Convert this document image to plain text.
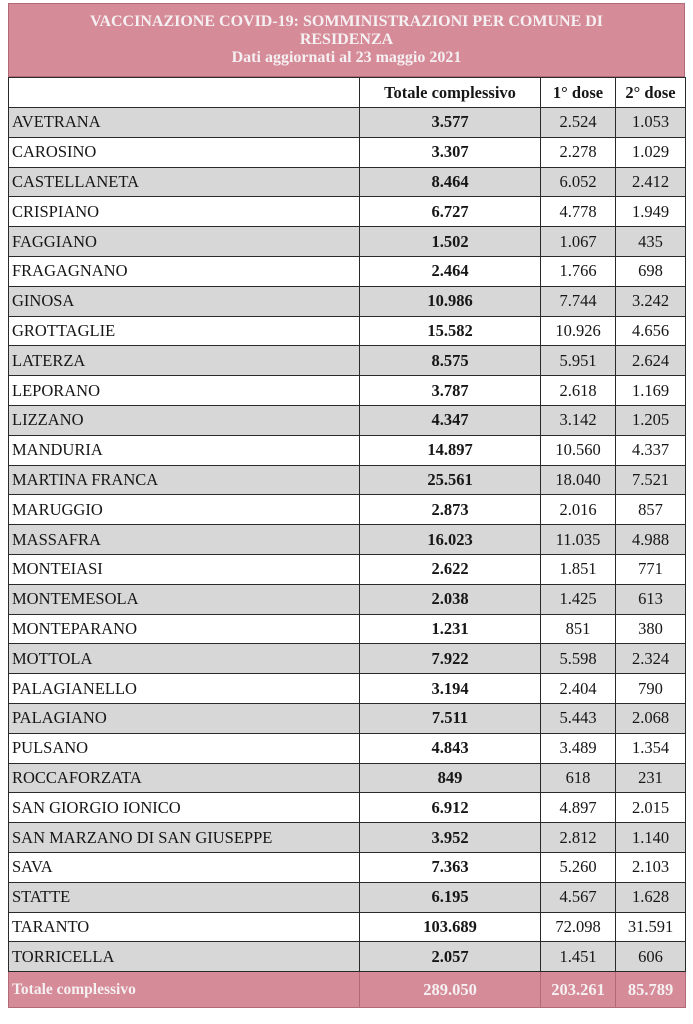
VACCINAZIONE COVID-19: SOMMINISTRAZIONI PER COMUNE DI
RESIDENZA
Dati aggiornati al 23 maggio 2021
	Totale complessivo	1° dose	2° dose
AVETRANA	3.577	2.524	1.053
CAROSINO	3.307	2.278	1.029
CASTELLANETA	8.464	6.052	2.412
CRISPIANO	6.727	4.778	1.949
FAGGIANO	1.502	1.067	435
FRAGAGNANO	2.464	1.766	698
GINOSA	10.986	7.744	3.242
GROTTAGLIE	15.582	10.926	4.656
LATERZA	8.575	5.951	2.624
LEPORANO	3.787	2.618	1.169
LIZZANO	4.347	3.142	1.205
MANDURIA	14.897	10.560	4.337
MARTINA FRANCA	25.561	18.040	7.521
MARUGGIO	2.873	2.016	857
MASSAFRA	16.023	11.035	4.988
MONTEIASI	2.622	1.851	771
MONTEMESOLA	2.038	1.425	613
MONTEPARANO	1.231	851	380
MOTTOLA	7.922	5.598	2.324
PALAGIANELLO	3.194	2.404	790
PALAGIANO	7.511	5.443	2.068
PULSANO	4.843	3.489	1.354
ROCCAFORZATA	849	618	231
SAN GIORGIO IONICO	6.912	4.897	2.015
SAN MARZANO DI SAN GIUSEPPE	3.952	2.812	1.140
SAVA	7.363	5.260	2.103
STATTE	6.195	4.567	1.628
TARANTO	103.689	72.098	31.591
TORRICELLA	2.057	1.451	606
Totale complessivo	289.050	203.261	85.789
